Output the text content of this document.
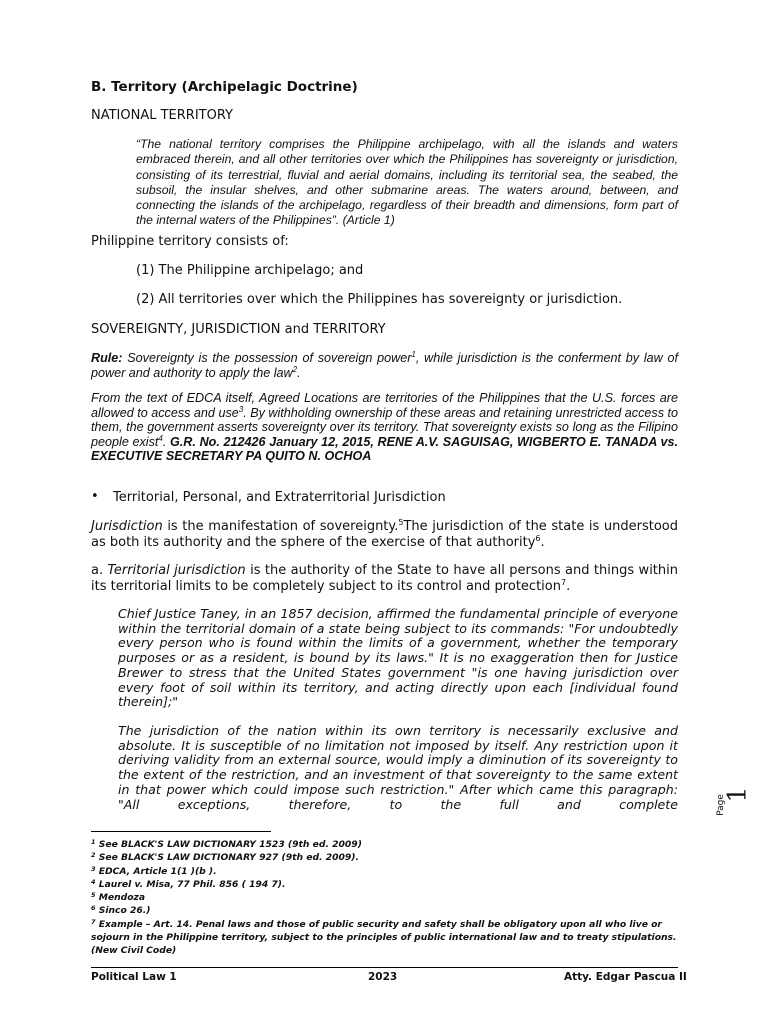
B. Territory (Archipelagic Doctrine)
NATIONAL TERRITORY
“The national territory comprises the Philippine archipelago, with all the islands and waters embraced therein, and all other territories over which the Philippines has sovereignty or jurisdiction, consisting of its terrestrial, fluvial and aerial domains, including its territorial sea, the seabed, the subsoil, the insular shelves, and other submarine areas. The waters around, between, and connecting the islands of the archipelago, regardless of their breadth and dimensions, form part of the internal waters of the Philippines”. (Article 1)
Philippine territory consists of:
(1) The Philippine archipelago; and
(2) All territories over which the Philippines has sovereignty or jurisdiction.
SOVEREIGNTY, JURISDICTION and TERRITORY
Rule: Sovereignty is the possession of sovereign power$^1$, while jurisdiction is the conferment by law of power and authority to apply the law$^2$.
From the text of EDCA itself, Agreed Locations are territories of the Philippines that the U.S. forces are allowed to access and use$^3$. By withholding ownership of these areas and retaining unrestricted access to them, the government asserts sovereignty over its territory. That sovereignty exists so long as the Filipino people exist$^4$. G.R. No. 212426 January 12, 2015, RENE A.V. SAGUISAG, WIGBERTO E. TANADA vs. EXECUTIVE SECRETARY PA QUITO N. OCHOA
• Territorial, Personal, and Extraterritorial Jurisdiction
Jurisdiction is the manifestation of sovereignty.$^5$The jurisdiction of the state is understood as both its authority and the sphere of the exercise of that authority$^6$.
a. Territorial jurisdiction is the authority of the State to have all persons and things within its territorial limits to be completely subject to its control and protection$^7$.
Chief Justice Taney, in an 1857 decision, affirmed the fundamental principle of everyone within the territorial domain of a state being subject to its commands: "For undoubtedly every person who is found within the limits of a government, whether the temporary purposes or as a resident, is bound by its laws." It is no exaggeration then for Justice Brewer to stress that the United States government "is one having jurisdiction over every foot of soil within its territory, and acting directly upon each [individual found therein];"
The jurisdiction of the nation within its own territory is necessarily exclusive and absolute. It is susceptible of no limitation not imposed by itself. Any restriction upon it deriving validity from an external source, would imply a diminution of its sovereignty to the extent of the restriction, and an investment of that sovereignty to the same extent in that power which could impose such restriction." After which came this paragraph: "All exceptions, therefore, to the full and complete	Page
1
$^1$ See BLACK'S LAW DICTIONARY 1523 (9th ed. 2009)
$^2$ See BLACK'S LAW DICTIONARY 927 (9th ed. 2009).
$^3$ EDCA, Article 1(1 )(b ).
$^4$ Laurel v. Misa, 77 Phil. 856 ( 194 7).
$^5$ Mendoza
$^6$ Sinco 26.)
$^7$ Example – Art. 14. Penal laws and those of public security and safety shall be obligatory upon all who live or sojourn in the Philippine territory, subject to the principles of public international law and to treaty stipulations. (New Civil Code)
Political Law 1	2023	Atty. Edgar Pascua II
